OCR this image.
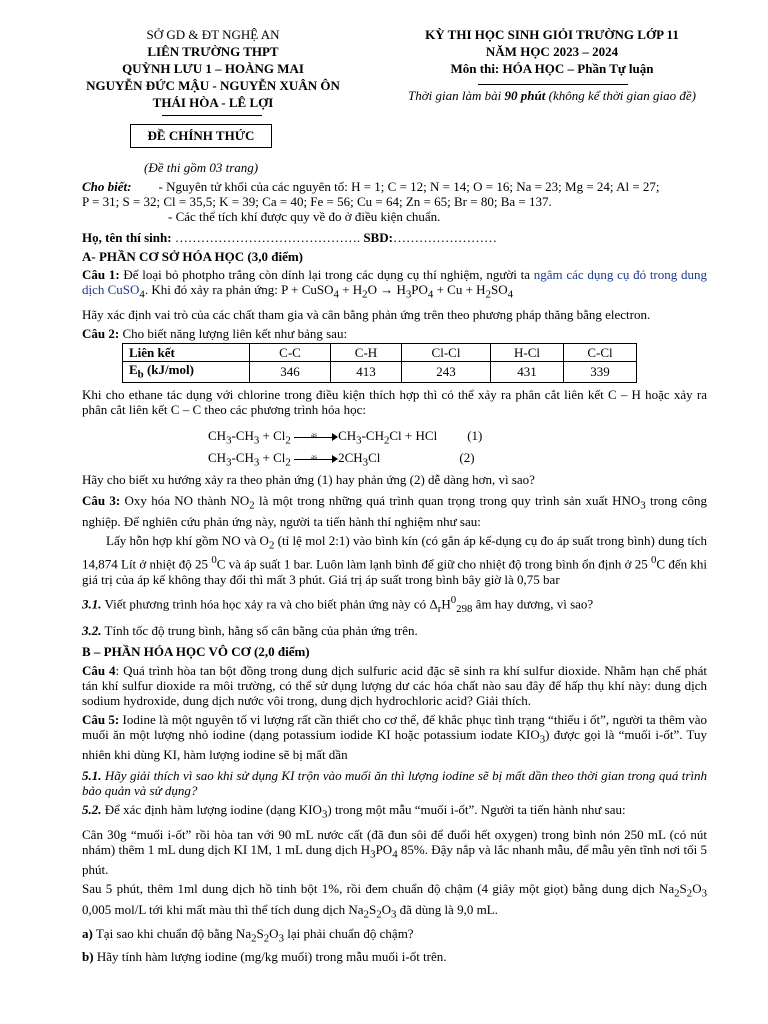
SỞ GD & ĐT NGHỆ AN
LIÊN TRƯỜNG THPT
QUỲNH LƯU 1 – HOÀNG MAI
NGUYỄN ĐỨC MẬU - NGUYỄN XUÂN ÔN
THÁI HÒA - LÊ LỢI
KỲ THI HỌC SINH GIỎI TRƯỜNG LỚP 11
NĂM HỌC 2023 – 2024
Môn thi: HÓA HỌC – Phần Tự luận
Thời gian làm bài 90 phút (không kể thời gian giao đề)
ĐỀ CHÍNH THỨC
(Đề thi gồm 03 trang)

Cho biết: - Nguyên tử khối của các nguyên tố: H = 1; C = 12; N = 14; O = 16; Na = 23; Mg = 24; Al = 27;

P = 31; S = 32; Cl = 35,5; K = 39; Ca = 40; Fe = 56; Cu = 64; Zn = 65; Br = 80; Ba = 137.

- Các thể tích khí được quy về đo ở điều kiện chuẩn.

Họ, tên thí sinh: ……………………………………. SBD:……………………

A- PHẦN CƠ SỞ HÓA HỌC (3,0 điểm)

Câu 1: Để loại bỏ photpho trắng còn dính lại trong các dụng cụ thí nghiệm, người ta ngâm các dụng cụ đó trong dung dịch CuSO$_4$. Khi đó xảy ra phản ứng: P + CuSO$_4$ + $H_2O \to H_3PO_4 + Cu + H_2SO_4$

Hãy xác định vai trò của các chất tham gia và cân bằng phản ứng trên theo phương pháp thăng bằng electron.

Câu 2: Cho biết năng lượng liên kết như bảng sau:

Liên kết	C-C	C-H	Cl-Cl	H-Cl	C-Cl
$E_b$ (kJ/mol)	346	413	243	431	339

Khi cho ethane tác dụng với chlorine trong điều kiện thích hợp thì có thể xảy ra phân cắt liên kết C – H hoặc xảy ra phân cắt liên kết C – C theo các phương trình hóa học:

$CH_3-CH_3 + Cl_2$	as	$CH_3-CH_2Cl$ + HCl (1)
$CH_3-CH_3 + Cl_2$	as	$2CH_3Cl$	(2)

Hãy cho biết xu hướng xảy ra theo phản ứng (1) hay phản ứng (2) dễ dàng hơn, vì sao?

Câu 3: Oxy hóa NO thành $NO_2$ là một trong những quá trình quan trọng trong quy trình sản xuất $HNO_3$ trong công nghiệp. Để nghiên cứu phản ứng này, người ta tiến hành thí nghiệm như sau:

Lấy hỗn hợp khí gồm NO và $O_2$ (tỉ lệ mol 2:1) vào bình kín (có gắn áp kế-dụng cụ đo áp suất trong bình) dung tích 14,874 Lít ở nhiệt độ 25 $^0$C và áp suất 1 bar. Luôn làm lạnh bình để giữ cho nhiệt độ trong bình ổn định ở 25 $^0$C đến khi giá trị của áp kế không thay đổi thì mất 3 phút. Giá trị áp suất trong bình bây giờ là 0,75 bar

3.1. Viết phương trình hóa học xảy ra và cho biết phản ứng này có $\Delta_rH^0_{298}$ âm hay dương, vì sao?

3.2. Tính tốc độ trung bình, hằng số cân bằng của phản ứng trên.

B – PHẦN HÓA HỌC VÔ CƠ (2,0 điểm)

Câu 4: Quá trình hòa tan bột đồng trong dung dịch sulfuric acid đặc sẽ sinh ra khí sulfur dioxide. Nhằm hạn chế phát tán khí sulfur dioxide ra môi trường, có thể sử dụng lượng dư các hóa chất nào sau đây để hấp thụ khí này: dung dịch sodium hydroxide, dung dịch nước vôi trong, dung dịch hydrochloric acid? Giải thích.

Câu 5: Iodine là một nguyên tố vi lượng rất cần thiết cho cơ thể, để khắc phục tình trạng “thiếu i ốt”, người ta thêm vào muối ăn một lượng nhỏ iodine (dạng potassium iodide KI hoặc potassium iodate $KIO_3$) được gọi là “muối i-ốt”. Tuy nhiên khi dùng KI, hàm lượng iodine sẽ bị mất dần

5.1. Hãy giải thích vì sao khi sử dụng KI trộn vào muối ăn thì lượng iodine sẽ bị mất dần theo thời gian trong quá trình bảo quản và sử dụng?

5.2. Để xác định hàm lượng iodine (dạng $KIO_3$) trong một mẫu “muối i-ốt”. Người ta tiến hành như sau:

Cân 30g “muối i-ốt” rồi hòa tan với 90 mL nước cất (đã đun sôi để đuổi hết oxygen) trong bình nón 250 mL (có nút nhám) thêm 1 mL dung dịch KI 1M, 1 mL dung dịch $H_3PO_4$ 85%. Đậy nắp và lắc nhanh mẫu, để mẫu yên tĩnh nơi tối 5 phút.

Sau 5 phút, thêm 1ml dung dịch hồ tinh bột 1%, rồi đem chuẩn độ chậm (4 giây một giọt) bằng dung dịch $Na_2S_2O_3$ 0,005 mol/L tới khi mất màu thì thể tích dung dịch $Na_2S_2O_3$ đã dùng là 9,0 mL.

a) Tại sao khi chuẩn độ bằng $Na_2S_2O_3$ lại phải chuẩn độ chậm?

b) Hãy tính hàm lượng iodine (mg/kg muối) trong mẫu muối i-ốt trên.
